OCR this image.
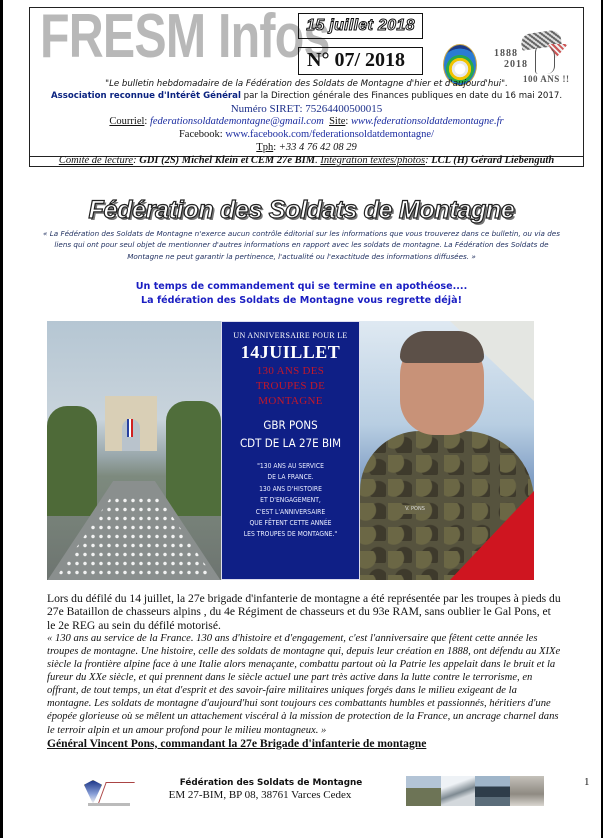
FRESM Infos
15 juillet 2018
N° 07/ 2018	1888
2018
100 ANS !!
"Le bulletin hebdomadaire de la Fédération des Soldats de Montagne d'hier et d'aujourd'hui".
Association reconnue d'Intérêt Général par la Direction générale des Finances publiques en date du 16 mai 2017.
Numéro SIRET: 75264400500015
Courriel: federationsoldatdemontagne@gmail.com Site: www.federationsoldatdemontagne.fr
Facebook: www.facebook.com/federationsoldatdemontagne/
Tph: +33 4 76 42 08 29
Comité de lecture: GDI (2S) Michel Klein et CEM 27e BIM. Intégration textes/photos: LCL (H) Gérard Liebenguth
Fédération des Soldats de Montagne
« La Fédération des Soldats de Montagne n'exerce aucun contrôle éditorial sur les informations que vous trouverez dans ce bulletin, ou via des liens qui ont pour seul objet de mentionner d'autres informations en rapport avec les soldats de montagne. La Fédération des Soldats de Montagne ne peut garantir la pertinence, l'actualité ou l'exactitude des informations diffusées. »
Un temps de commandement qui se termine en apothéose....
La fédération des Soldats de Montagne vous regrette déjà!
UN ANNIVERSAIRE POUR LE
14JUILLET
130 ANS DES
TROUPES DE
MONTAGNE
GBR PONS
CDT DE LA 27E BIM
"130 ANS AU SERVICE
DE LA FRANCE.
130 ANS D'HISTOIRE
ET D'ENGAGEMENT,
C'EST L'ANNIVERSAIRE
QUE FÊTENT CETTE ANNÉE
LES TROUPES DE MONTAGNE."
V. PONS

Lors du défilé du 14 juillet, la 27e brigade d'infanterie de montagne a été représentée par les troupes à pieds du 27e Bataillon de chasseurs alpins , du 4e Régiment de chasseurs et du 93e RAM, sans oublier le Gal Pons, et le 2e REG au sein du défilé motorisé.

« 130 ans au service de la France. 130 ans d'histoire et d'engagement, c'est l'anniversaire que fêtent cette année les troupes de montagne. Une histoire, celle des soldats de montagne qui, depuis leur création en 1888, ont défendu au XIXe siècle la frontière alpine face à une Italie alors menaçante, combattu partout où la Patrie les appelait dans le bruit et la fureur du XXe siècle, et qui prennent dans le siècle actuel une part très active dans la lutte contre le terrorisme, en offrant, de tout temps, un état d'esprit et des savoir-faire militaires uniques forgés dans le milieu exigeant de la montagne. Les soldats de montagne d'aujourd'hui sont toujours ces combattants humbles et passionnés, héritiers d'une épopée glorieuse où se mêlent un attachement viscéral à la mission de protection de la France, un ancrage charnel dans le terroir alpin et un amour profond pour le milieu montagneux. »

Général Vincent Pons, commandant la 27e Brigade d'infanterie de montagne

Fédération des Soldats de Montagne
EM 27-BIM, BP 08, 38761 Varces Cedex
1
